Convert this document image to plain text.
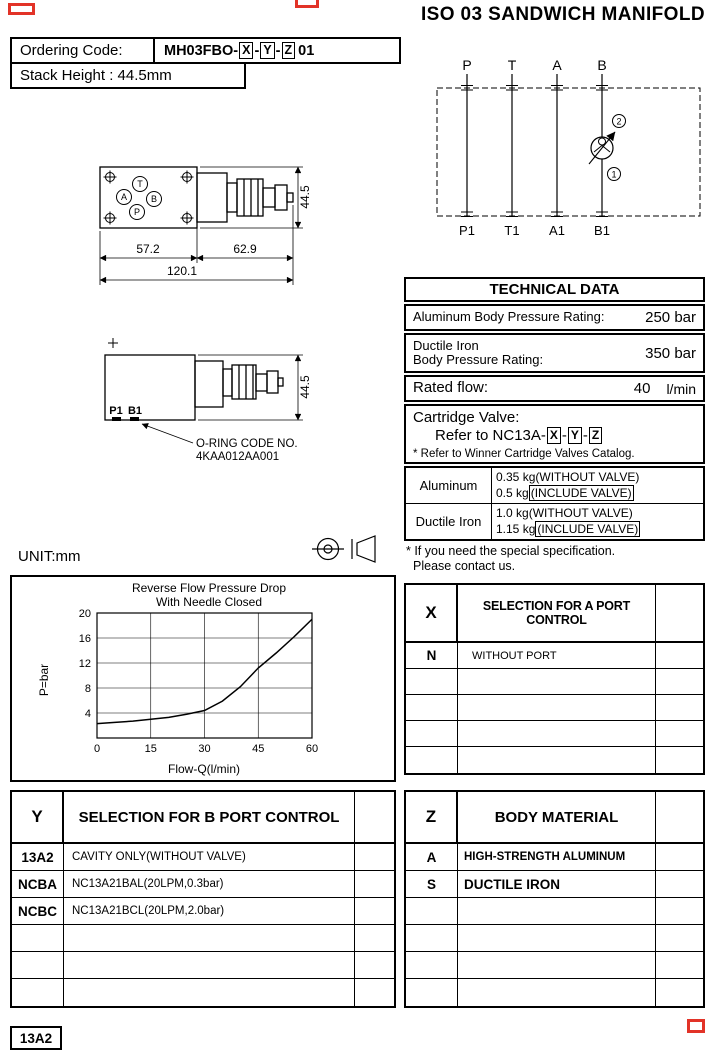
ISO 03 SANDWICH MANIFOLD
Ordering Code:	MH03FBO- X - Y - Z 01
Stack Height : 44.5mm
P	T	A	B
2
1
P1 T1 A1 B1
T
A	B
P
44.5
57.2	62.9
120.1
P1 B1
44.5
O-RING CODE NO.
4KAA012AA001
UNIT:mm
TECHNICAL DATA
Aluminum Body Pressure Rating:	250 bar
Ductile Iron
Body Pressure Rating:	350 bar
Rated flow:	40 l/min
Cartridge Valve:
Refer to NC13A- X - Y - Z
* Refer to Winner Cartridge Valves Catalog.
Aluminum
0.35 kg(WITHOUT VALVE)
0.5 kg (INCLUDE VALVE)
Ductile Iron
1.0 kg(WITHOUT VALVE)
1.15 kg (INCLUDE VALVE)
* If you need the special specification.
Please contact us.
Reverse Flow Pressure Drop
With Needle Closed
P=bar
Flow-Q(l/min)
0	15	30	45	60
4
8
12
16
20	X	SELECTION FOR A PORT CONTROL
N	WITHOUT PORT
Y	SELECTION FOR B PORT CONTROL
13A2	CAVITY ONLY(WITHOUT VALVE)
NCBA	NC13A21BAL(20LPM,0.3bar)
NCBC	NC13A21BCL(20LPM,2.0bar)
Z	BODY MATERIAL
A	HIGH-STRENGTH ALUMINUM
S	DUCTILE IRON
13A2
